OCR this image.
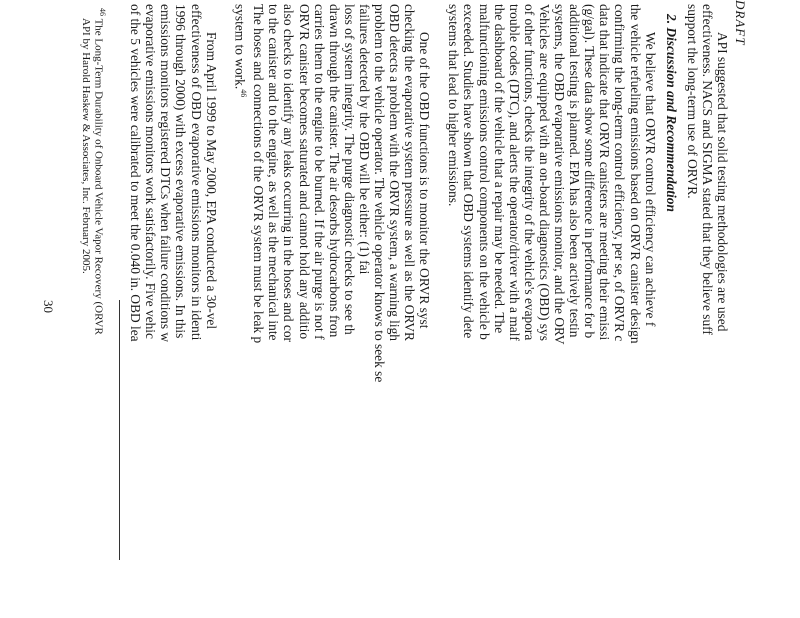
DRAFT

API suggested that solid testing methodologies are used

effectiveness. NACS and SIGMA stated that they believe suff

support the long-term use of ORVR.

2. Discussion and Recommendation

We believe that ORVR control efficiency can achieve f

the vehicle refueling emissions based on ORVR canister design

confirming the long-term control efficiency, per se, of ORVR c

data that indicate that ORVR canisters are meeting their emissi

(g/gal). These data show some difference in performance for b

additional testing is planned. EPA has also been actively testin

systems, the OBD evaporative emissions monitor, and the ORV

Vehicles are equipped with an on-board diagnostics (OBD) sys

of other functions, checks the integrity of the vehicle's evapora

trouble codes (DTC), and alerts the operator/driver with a malf

the dashboard of the vehicle that a repair may be needed. The

malfunctioning emissions control components on the vehicle b

exceeded. Studies have shown that OBD systems identify dete

systems that lead to higher emissions.

One of the OBD functions is to monitor the ORVR syst

checking the evaporative system pressure as well as the ORVR

OBD detects a problem with the ORVR system, a warning ligh

problem to the vehicle operator. The vehicle operator knows to seek se

failures detected by the OBD will be either: (1) fai

loss of system integrity. The purge diagnostic checks to see th

drawn through the canister. The air desorbs hydrocarbons fron

carries them to the engine to be burned. If the air purge is not f

ORVR canister becomes saturated and cannot hold any additio

also checks to identify any leaks occurring in the hoses and cor

to the canister and to the engine, as well as the mechanical inte

The hoses and connections of the ORVR system must be leak p

system to work.$^{46}$

From April 1999 to May 2000, EPA conducted a 30-vel

effectiveness of OBD evaporative emissions monitors in identi

1996 through 2000) with excess evaporative emissions. In this

emissions monitors registered DTCs when failure conditions w

evaporative emissions monitors work satisfactorily. Five vehic

of the 5 vehicles were calibrated to meet the 0.040 in. OBD lea

$^{46}$ The Long-Term Durability of Onboard Vehicle Vapor Recovery (ORVR
API by Harold Haskew & Associates, Inc. February 2005.
30
